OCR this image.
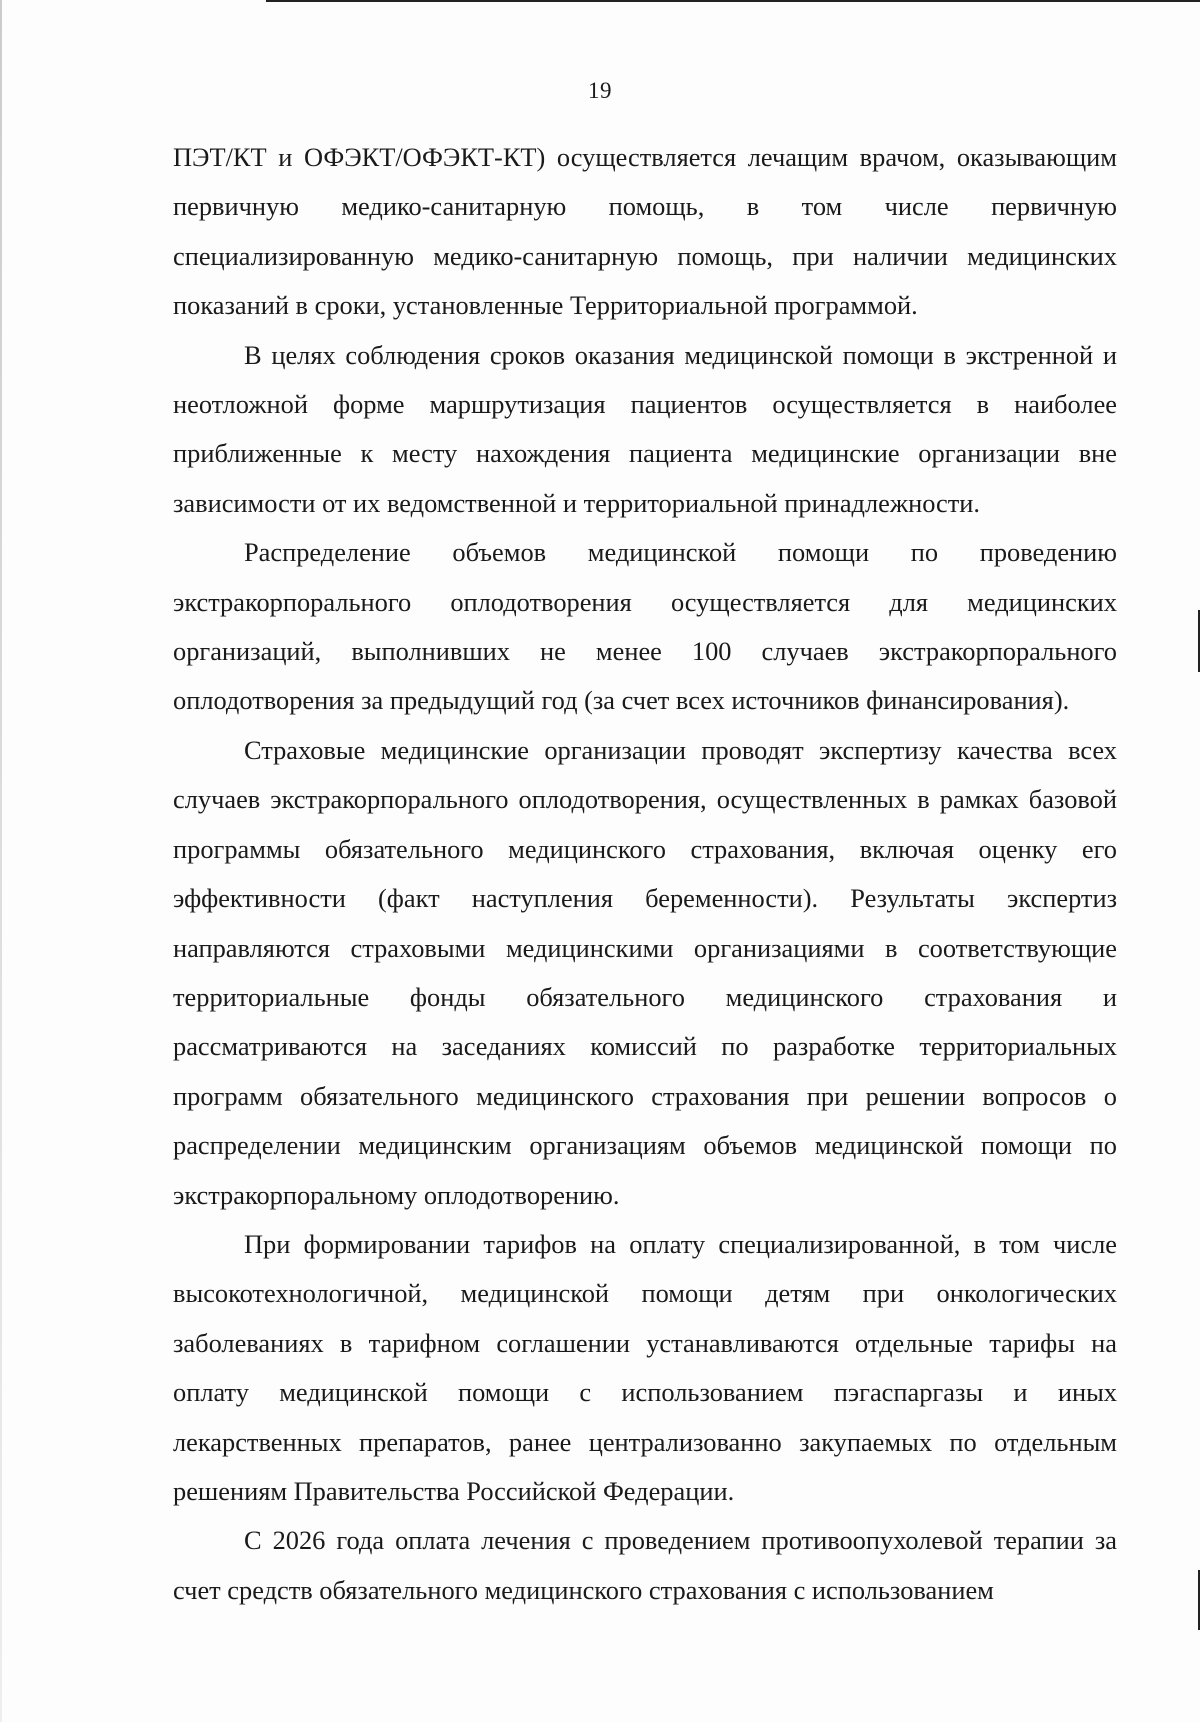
19

ПЭТ/КТ и ОФЭКТ/ОФЭКТ-КТ) осуществляется лечащим врачом, оказывающим первичную медико-санитарную помощь, в том числе первичную специализированную медико-санитарную помощь, при наличии медицинских показаний в сроки, установленные Территориальной программой.

В целях соблюдения сроков оказания медицинской помощи в экстренной и неотложной форме маршрутизация пациентов осуществляется в наиболее приближенные к месту нахождения пациента медицинские организации вне зависимости от их ведомственной и территориальной принадлежности.

Распределение объемов медицинской помощи по проведению экстракорпорального оплодотворения осуществляется для медицинских организаций, выполнивших не менее 100 случаев экстракорпорального оплодотворения за предыдущий год (за счет всех источников финансирования).

Страховые медицинские организации проводят экспертизу качества всех случаев экстракорпорального оплодотворения, осуществленных в рамках базовой программы обязательного медицинского страхования, включая оценку его эффективности (факт наступления беременности). Результаты экспертиз направляются страховыми медицинскими организациями в соответствующие территориальные фонды обязательного медицинского страхования и рассматриваются на заседаниях комиссий по разработке территориальных программ обязательного медицинского страхования при решении вопросов о распределении медицинским организациям объемов медицинской помощи по экстракорпоральному оплодотворению.

При формировании тарифов на оплату специализированной, в том числе высокотехнологичной, медицинской помощи детям при онкологических заболеваниях в тарифном соглашении устанавливаются отдельные тарифы на оплату медицинской помощи с использованием пэгаспаргазы и иных лекарственных препаратов, ранее централизованно закупаемых по отдельным решениям Правительства Российской Федерации.

С 2026 года оплата лечения с проведением противоопухолевой терапии за счет средств обязательного медицинского страхования с использованием
